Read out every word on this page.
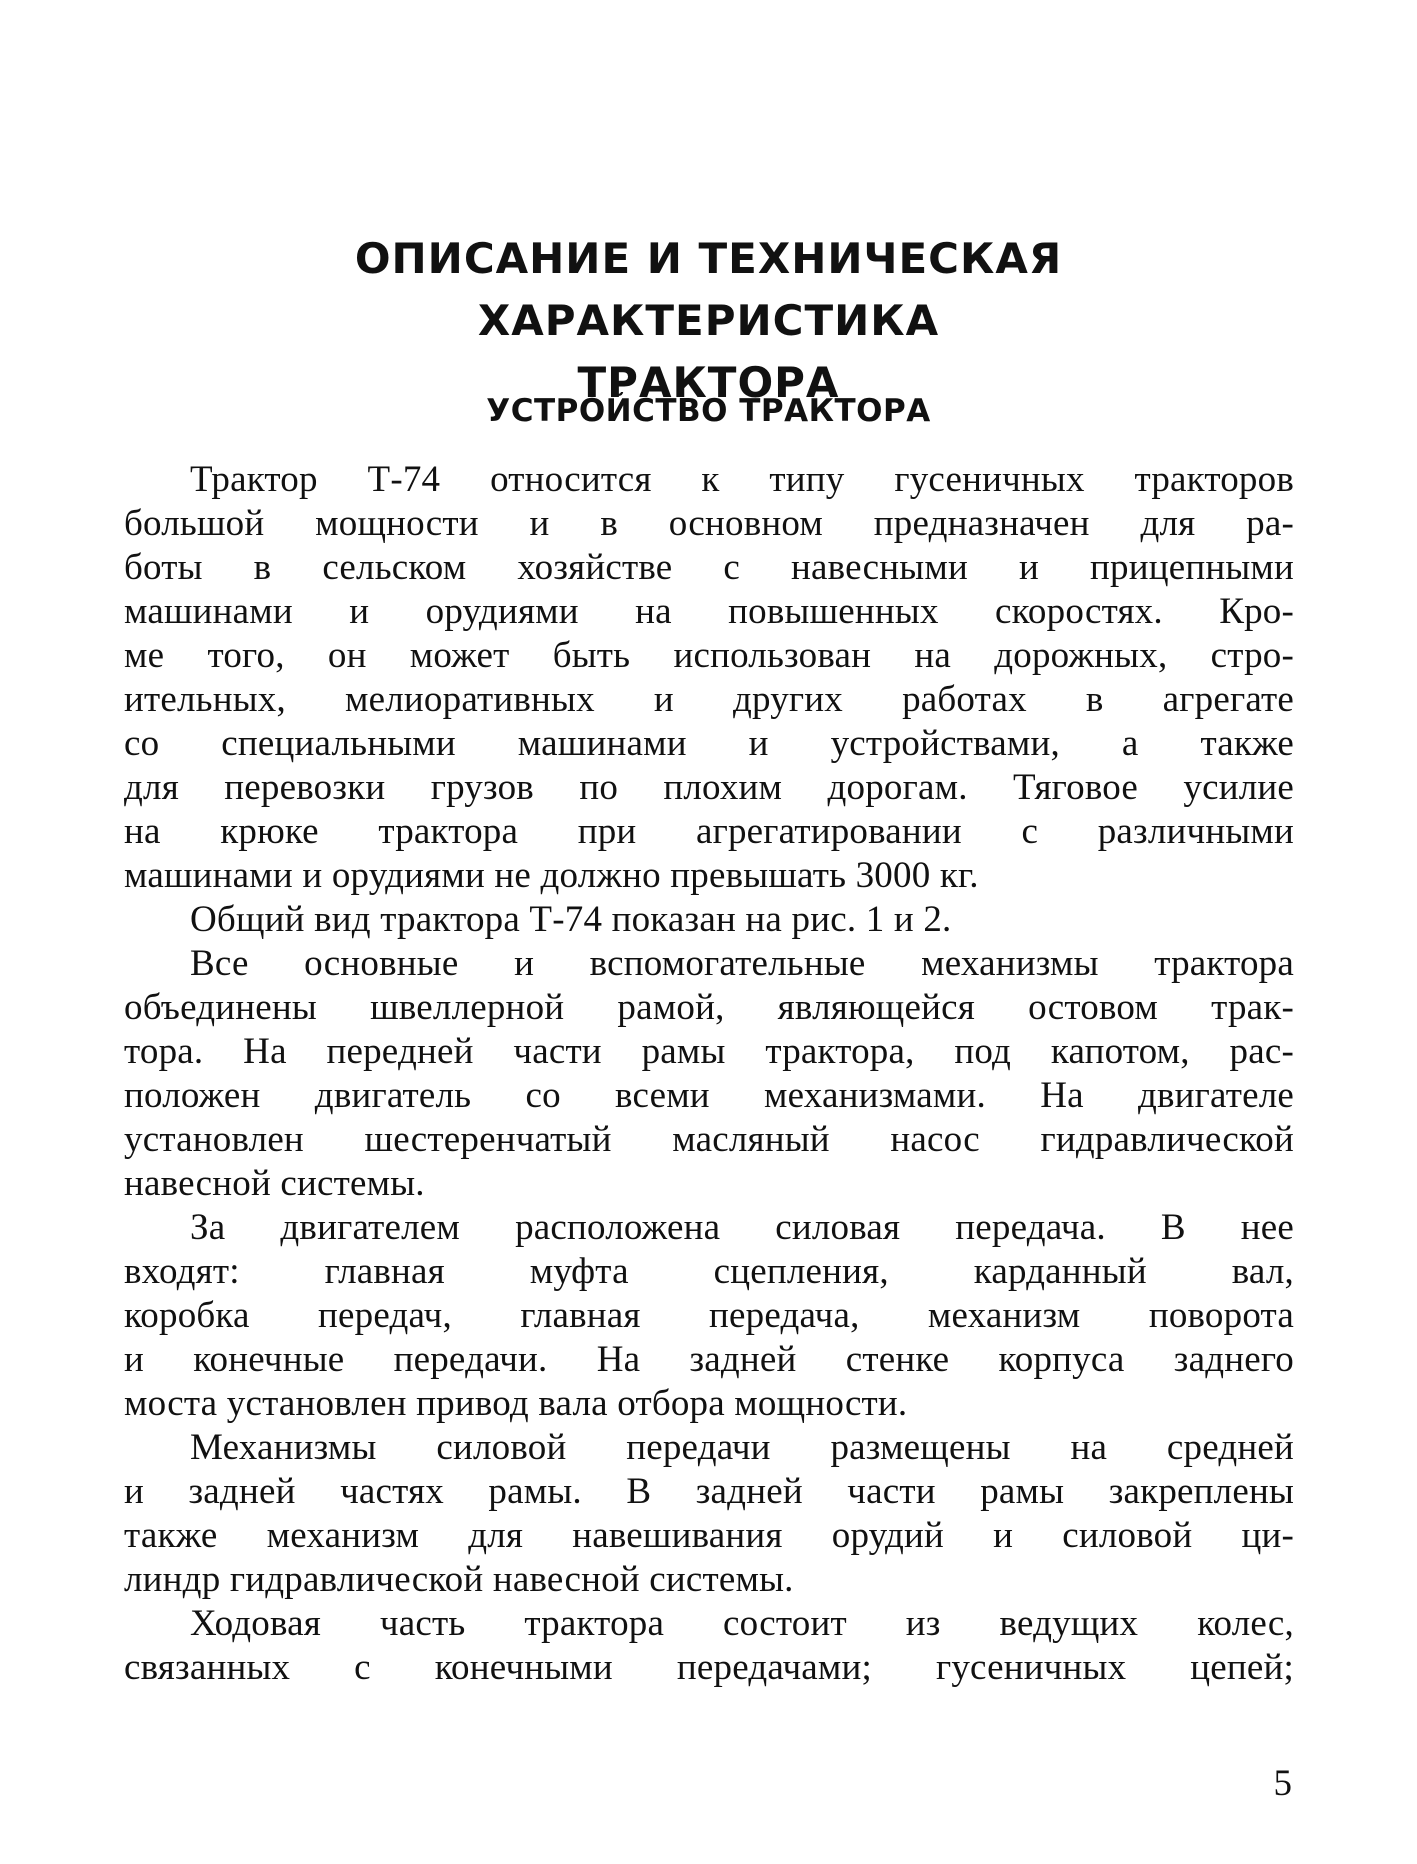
ОПИСАНИЕ И ТЕХНИЧЕСКАЯ ХАРАКТЕРИСТИКА
ТРАКТОРА
УСТРОЙСТВО ТРАКТОРА
Трактор Т-74 относится к типу гусеничных тракторов
большой мощности и в основном предназначен для ра-
боты в сельском хозяйстве с навесными и прицепными
машинами и орудиями на повышенных скоростях. Кро-
ме того, он может быть использован на дорожных, стро-
ительных, мелиоративных и других работах в агрегате
со специальными машинами и устройствами, а также
для перевозки грузов по плохим дорогам. Тяговое усилие
на крюке трактора при агрегатировании с различными
машинами и орудиями не должно превышать 3000 кг.
Общий вид трактора Т-74 показан на рис. 1 и 2.
Все основные и вспомогательные механизмы трактора
объединены швеллерной рамой, являющейся остовом трак-
тора. На передней части рамы трактора, под капотом, рас-
положен двигатель со всеми механизмами. На двигателе
установлен шестеренчатый масляный насос гидравлической
навесной системы.
За двигателем расположена силовая передача. В нее
входят: главная муфта сцепления, карданный вал,
коробка передач, главная передача, механизм поворота
и конечные передачи. На задней стенке корпуса заднего
моста установлен привод вала отбора мощности.
Механизмы силовой передачи размещены на средней
и задней частях рамы. В задней части рамы закреплены
также механизм для навешивания орудий и силовой ци-
линдр гидравлической навесной системы.
Ходовая часть трактора состоит из ведущих колес,
связанных с конечными передачами; гусеничных цепей;
5
